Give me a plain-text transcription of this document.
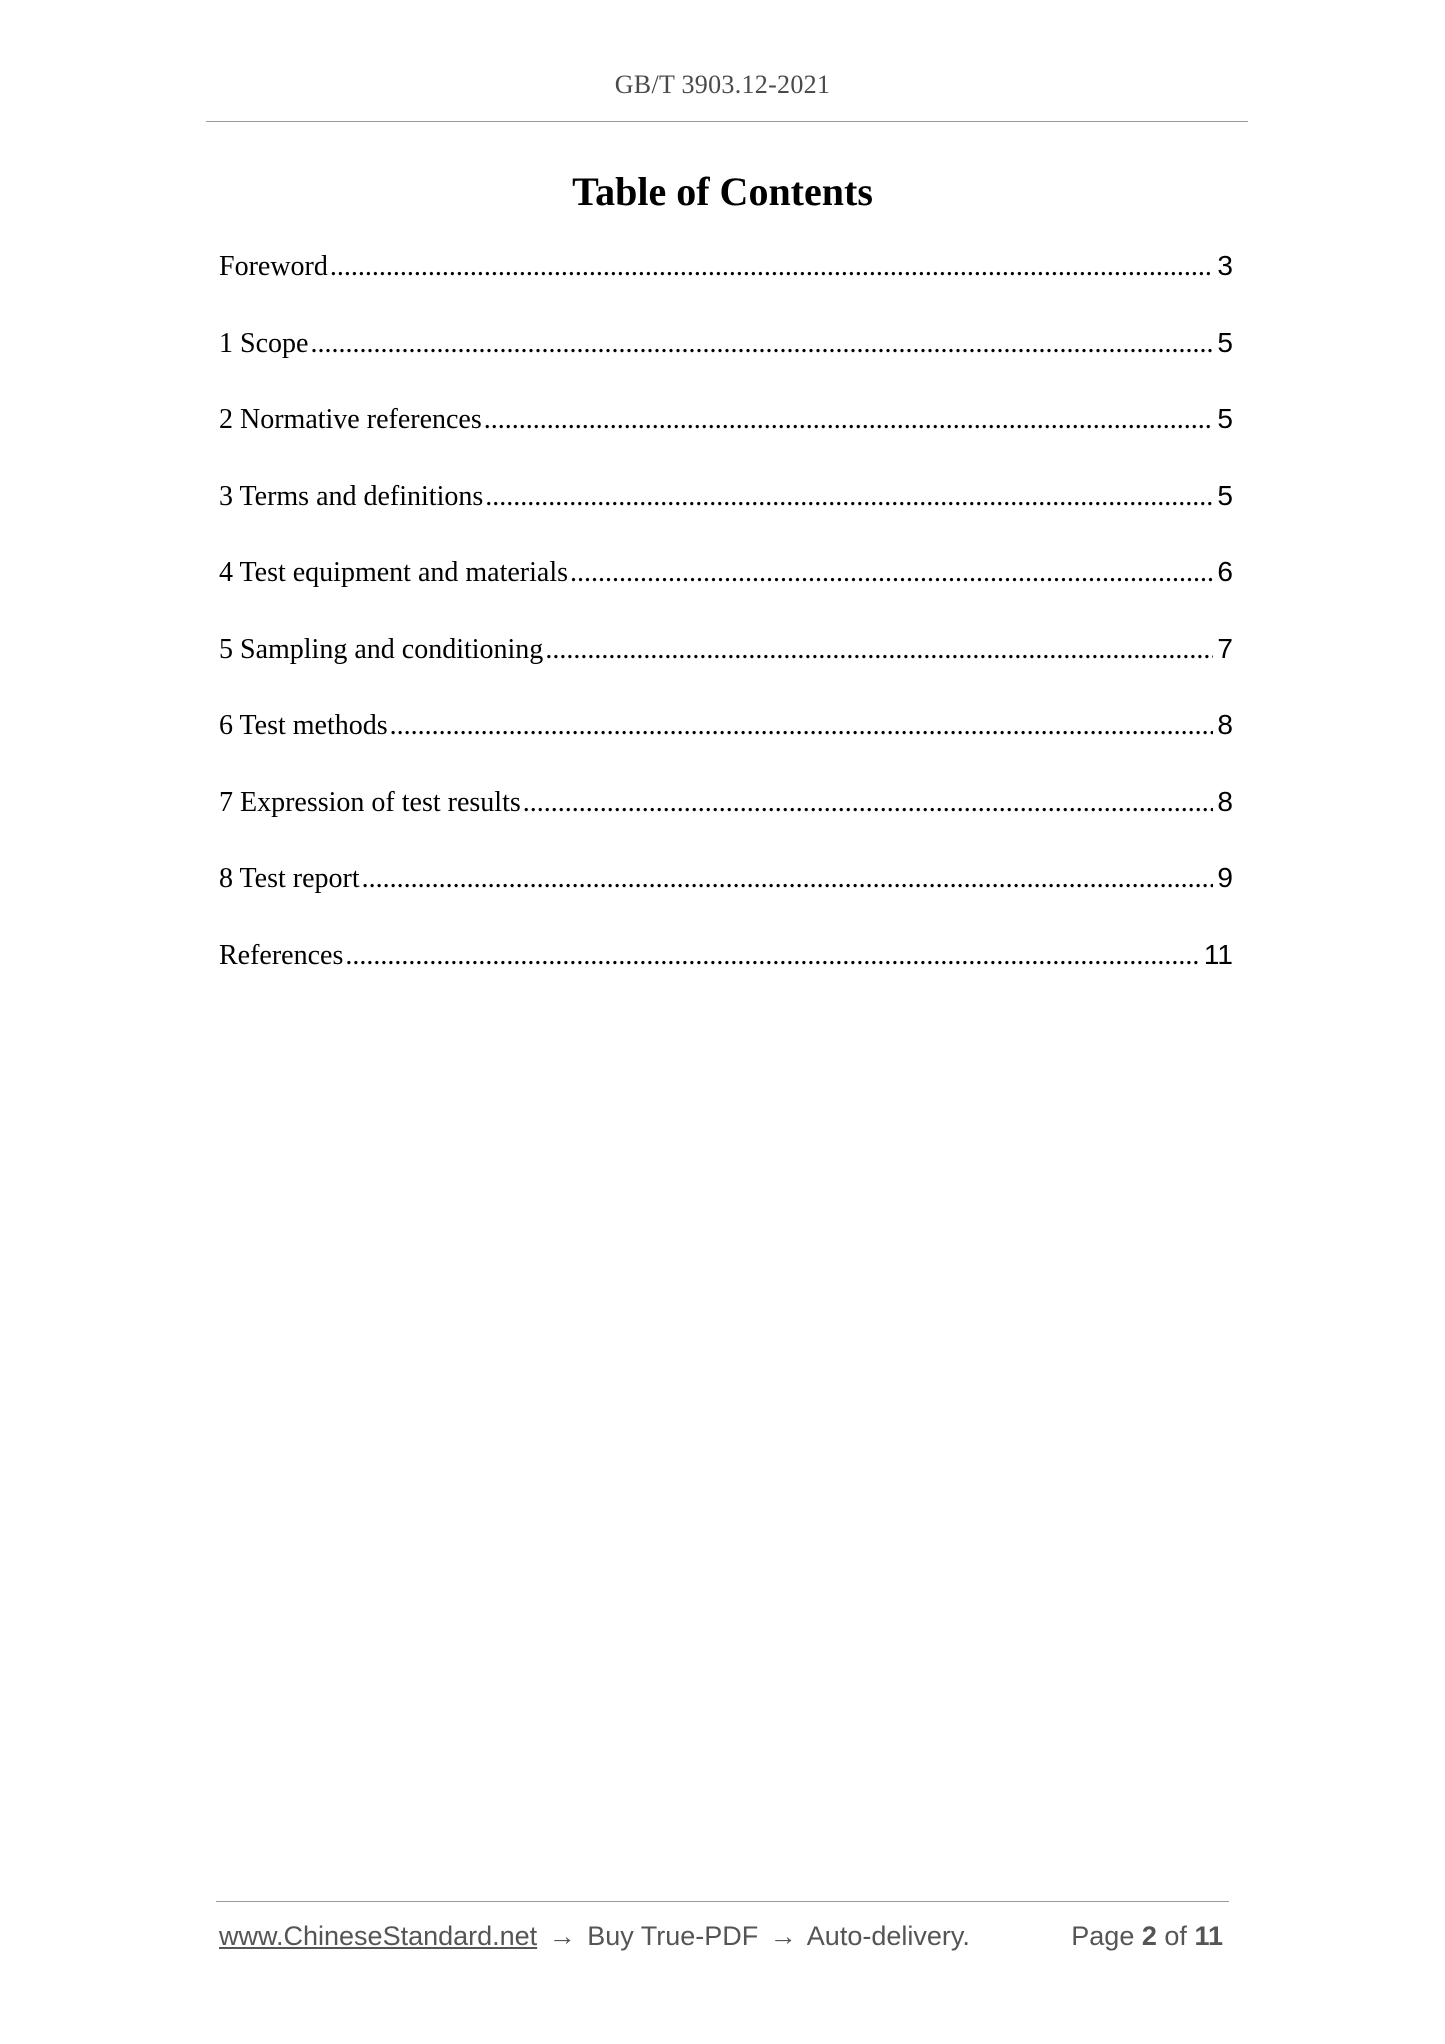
GB/T 3903.12-2021
Table of Contents
Foreword .....	3
1 Scope .....	5
2 Normative references .....	5
3 Terms and definitions .....	5
4 Test equipment and materials .....	6
5 Sampling and conditioning .....	7
6 Test methods .....	8
7 Expression of test results .....	8
8 Test report .....	9
References .....	11
www.ChineseStandard.net → Buy True-PDF → Auto-delivery.	Page 2 of 11
